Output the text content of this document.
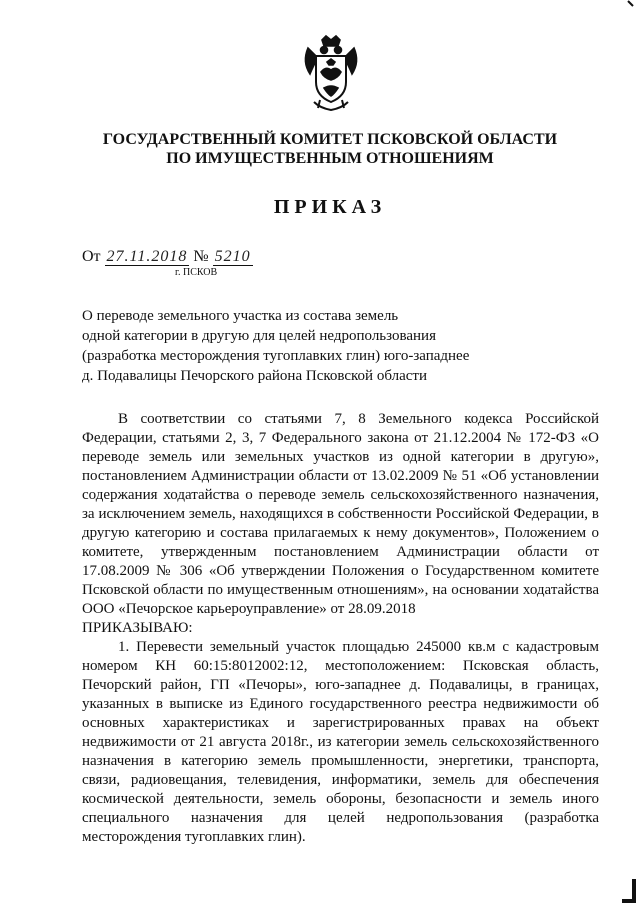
ГОСУДАРСТВЕННЫЙ КОМИТЕТ ПСКОВСКОЙ ОБЛАСТИ
ПО ИМУЩЕСТВЕННЫМ ОТНОШЕНИЯМ
ПРИКАЗ
От 27.11.2018 № 5210
г. ПСКОВ
О переводе земельного участка из состава земель
одной категории в другую для целей недропользования
(разработка месторождения тугоплавких глин) юго-западнее
д. Подавалицы Печорского района Псковской области

В соответствии со статьями 7, 8 Земельного кодекса Российской Федерации, статьями 2, 3, 7 Федерального закона от 21.12.2004 № 172-ФЗ «О переводе земель или земельных участков из одной категории в другую», постановлением Администрации области от 13.02.2009 № 51 «Об установлении содержания ходатайства о переводе земель сельскохозяйственного назначения, за исключением земель, находящихся в собственности Российской Федерации, в другую категорию и состава прилагаемых к нему документов», Положением о комитете, утвержденным постановлением Администрации области от 17.08.2009 № 306 «Об утверждении Положения о Государственном комитете Псковской области по имущественным отношениям», на основании ходатайства ООО «Печорское карьероуправление» от 28.09.2018

ПРИКАЗЫВАЮ:

1. Перевести земельный участок площадью 245000 кв.м с кадастровым номером КН 60:15:8012002:12, местоположением: Псковская область, Печорский район, ГП «Печоры», юго-западнее д. Подавалицы, в границах, указанных в выписке из Единого государственного реестра недвижимости об основных характеристиках и зарегистрированных правах на объект недвижимости от 21 августа 2018г., из категории земель сельскохозяйственного назначения в категорию земель промышленности, энергетики, транспорта, связи, радиовещания, телевидения, информатики, земель для обеспечения космической деятельности, земель обороны, безопасности и земель иного специального назначения для целей недропользования (разработка месторождения тугоплавких глин).
